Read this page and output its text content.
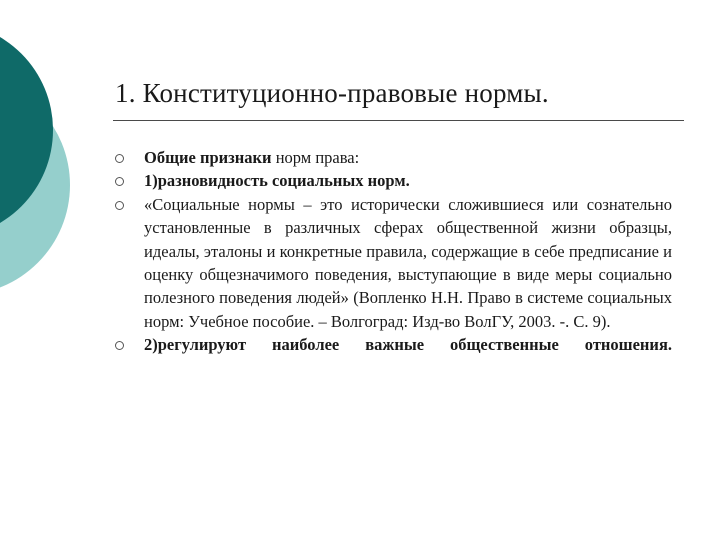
1. Конституционно-правовые нормы.
Общие признаки норм права:
1)разновидность социальных норм.
«Социальные нормы – это исторически сложившиеся или сознательно установленные в различных сферах общественной жизни образцы, идеалы, эталоны и конкретные правила, содержащие в себе предписание и оценку общезначимого поведения, выступающие в виде меры социально полезного поведения людей» (Вопленко Н.Н. Право в системе социальных норм: Учебное пособие. – Волгоград: Изд-во ВолГУ, 2003. -. С. 9).
2)регулируют наиболее важные общественные отношения.
